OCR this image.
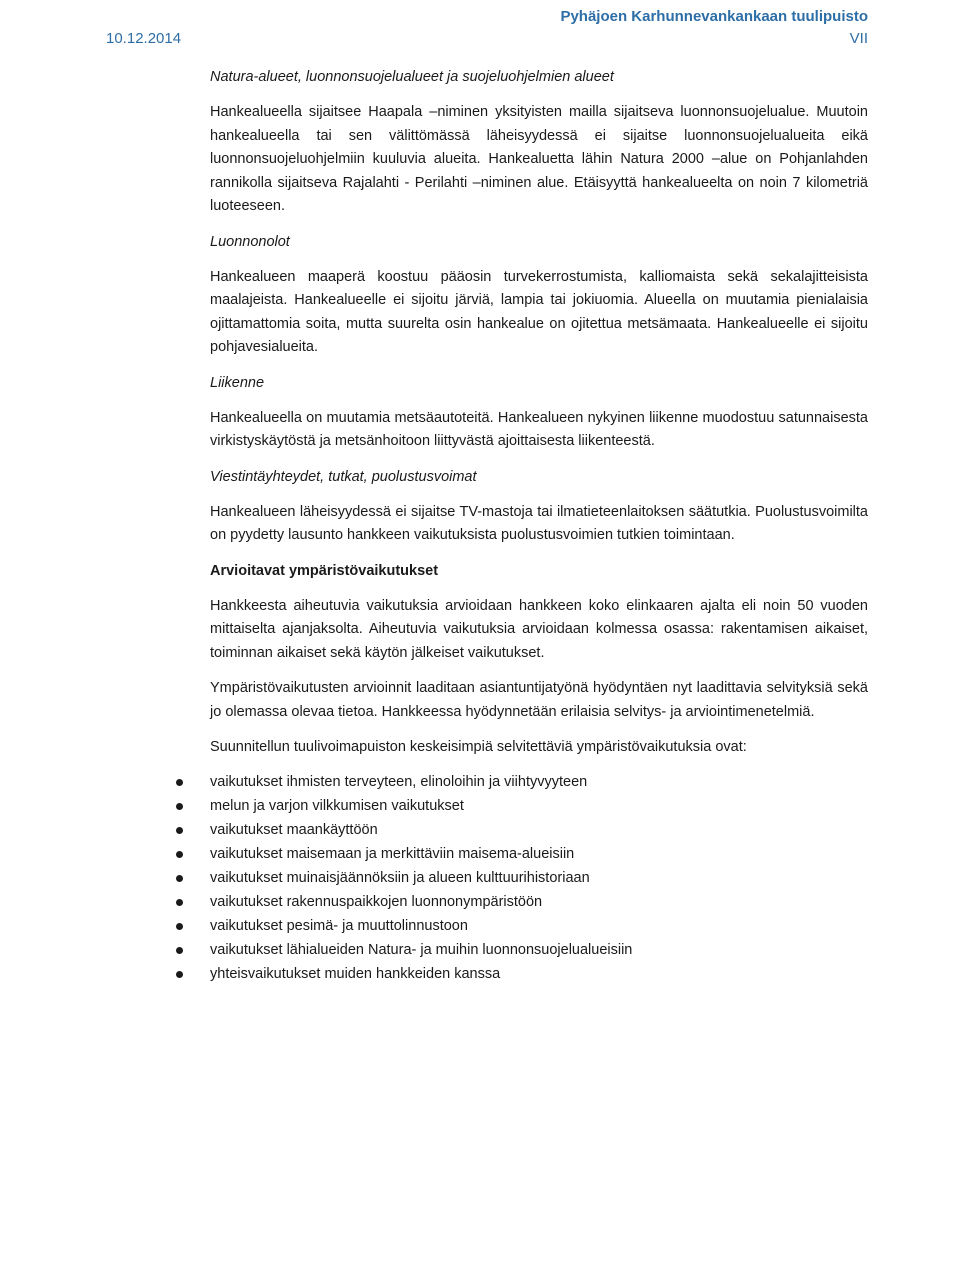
10.12.2014
Pyhäjoen Karhunnevankankaan tuulipuisto
VII
Natura-alueet, luonnonsuojelualueet ja suojeluohjelmien alueet

Hankealueella sijaitsee Haapala –niminen yksityisten mailla sijaitseva luonnonsuojelualue. Muutoin hankealueella tai sen välittömässä läheisyydessä ei sijaitse luonnonsuojelualueita eikä luonnonsuojeluohjelmiin kuuluvia alueita. Hankealuetta lähin Natura 2000 –alue on Pohjanlahden rannikolla sijaitseva Rajalahti - Perilahti –niminen alue. Etäisyyttä hankealueelta on noin 7 kilometriä luoteeseen.

Luonnonolot

Hankealueen maaperä koostuu pääosin turvekerrostumista, kalliomaista sekä sekalajitteisista maalajeista. Hankealueelle ei sijoitu järviä, lampia tai jokiuomia. Alueella on muutamia pienialaisia ojittamattomia soita, mutta suurelta osin hankealue on ojitettua metsämaata. Hankealueelle ei sijoitu pohjavesialueita.

Liikenne

Hankealueella on muutamia metsäautoteitä. Hankealueen nykyinen liikenne muodostuu satunnaisesta virkistyskäytöstä ja metsänhoitoon liittyvästä ajoittaisesta liikenteestä.

Viestintäyhteydet, tutkat, puolustusvoimat

Hankealueen läheisyydessä ei sijaitse TV-mastoja tai ilmatieteenlaitoksen säätutkia. Puolustusvoimilta on pyydetty lausunto hankkeen vaikutuksista puolustusvoimien tutkien toimintaan.

Arvioitavat ympäristövaikutukset

Hankkeesta aiheutuvia vaikutuksia arvioidaan hankkeen koko elinkaaren ajalta eli noin 50 vuoden mittaiselta ajanjaksolta. Aiheutuvia vaikutuksia arvioidaan kolmessa osassa: rakentamisen aikaiset, toiminnan aikaiset sekä käytön jälkeiset vaikutukset.

Ympäristövaikutusten arvioinnit laaditaan asiantuntijatyönä hyödyntäen nyt laadittavia selvityksiä sekä jo olemassa olevaa tietoa. Hankkeessa hyödynnetään erilaisia selvitys- ja arviointimenetelmiä.

Suunnitellun tuulivoimapuiston keskeisimpiä selvitettäviä ympäristövaikutuksia ovat:

vaikutukset ihmisten terveyteen, elinoloihin ja viihtyvyyteen
melun ja varjon vilkkumisen vaikutukset
vaikutukset maankäyttöön
vaikutukset maisemaan ja merkittäviin maisema-alueisiin
vaikutukset muinaisjäännöksiin ja alueen kulttuurihistoriaan
vaikutukset rakennuspaikkojen luonnonympäristöön
vaikutukset pesimä- ja muuttolinnustoon
vaikutukset lähialueiden Natura- ja muihin luonnonsuojelualueisiin
yhteisvaikutukset muiden hankkeiden kanssa
